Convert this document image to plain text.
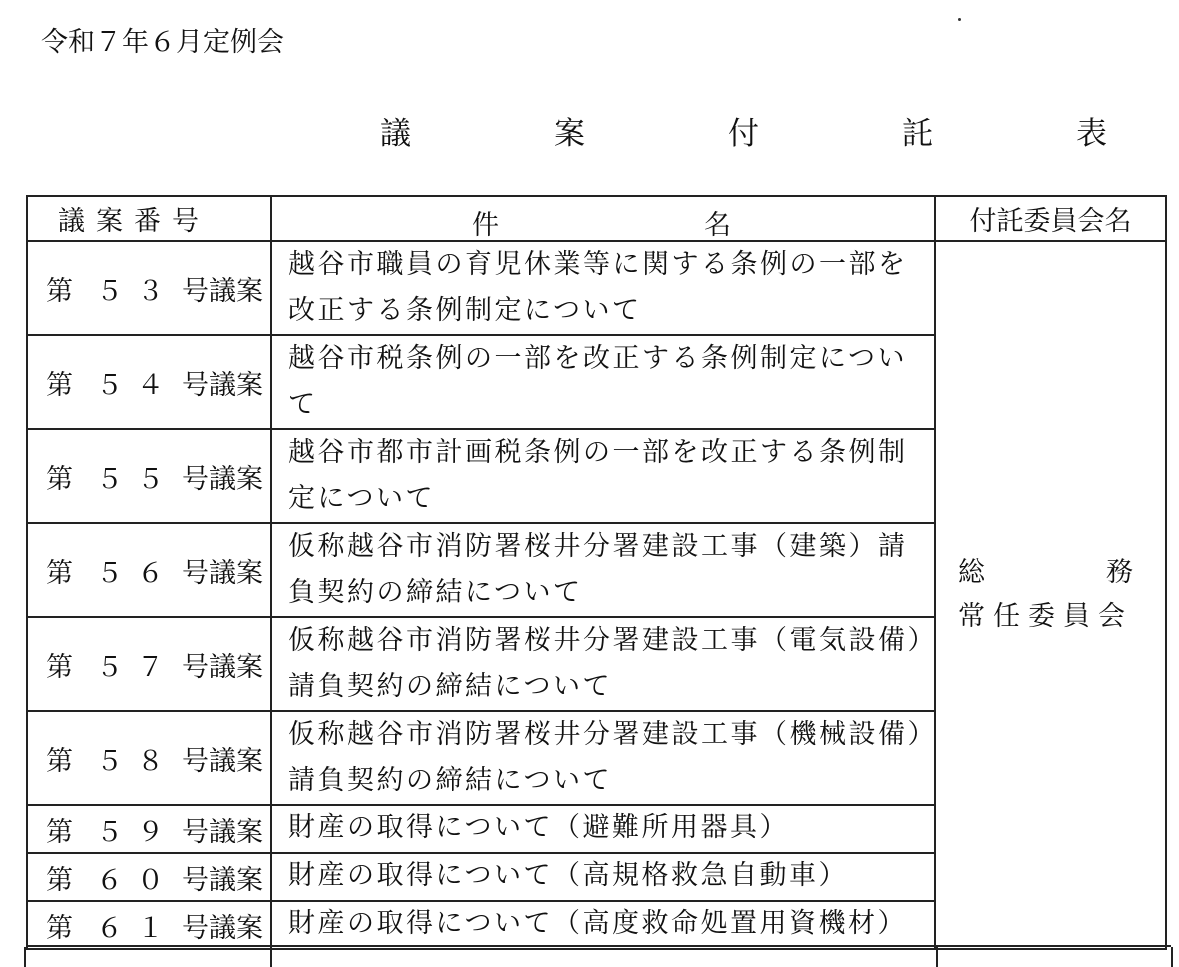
令和７年６月定例会
議　案　付　託　表
議案番号	件 名	付託委員会名
第 ５３ 号議案	越谷市職員の育児休業等に関する条例の一部を改正する条例制定について	総 務
常任委員会

第 ５４ 号議案	越谷市税条例の一部を改正する条例制定について	
第 ５５ 号議案	越谷市都市計画税条例の一部を改正する条例制定について	
第 ５６ 号議案	仮称越谷市消防署桜井分署建設工事（建築）請負契約の締結について	
第 ５７ 号議案	仮称越谷市消防署桜井分署建設工事（電気設備）請負契約の締結について	
第 ５８ 号議案	仮称越谷市消防署桜井分署建設工事（機械設備）請負契約の締結について	
第 ５９ 号議案	財産の取得について（避難所用器具）	
第 ６０ 号議案	財産の取得について（高規格救急自動車）	
第 ６１ 号議案	財産の取得について（高度救命処置用資機材）	
